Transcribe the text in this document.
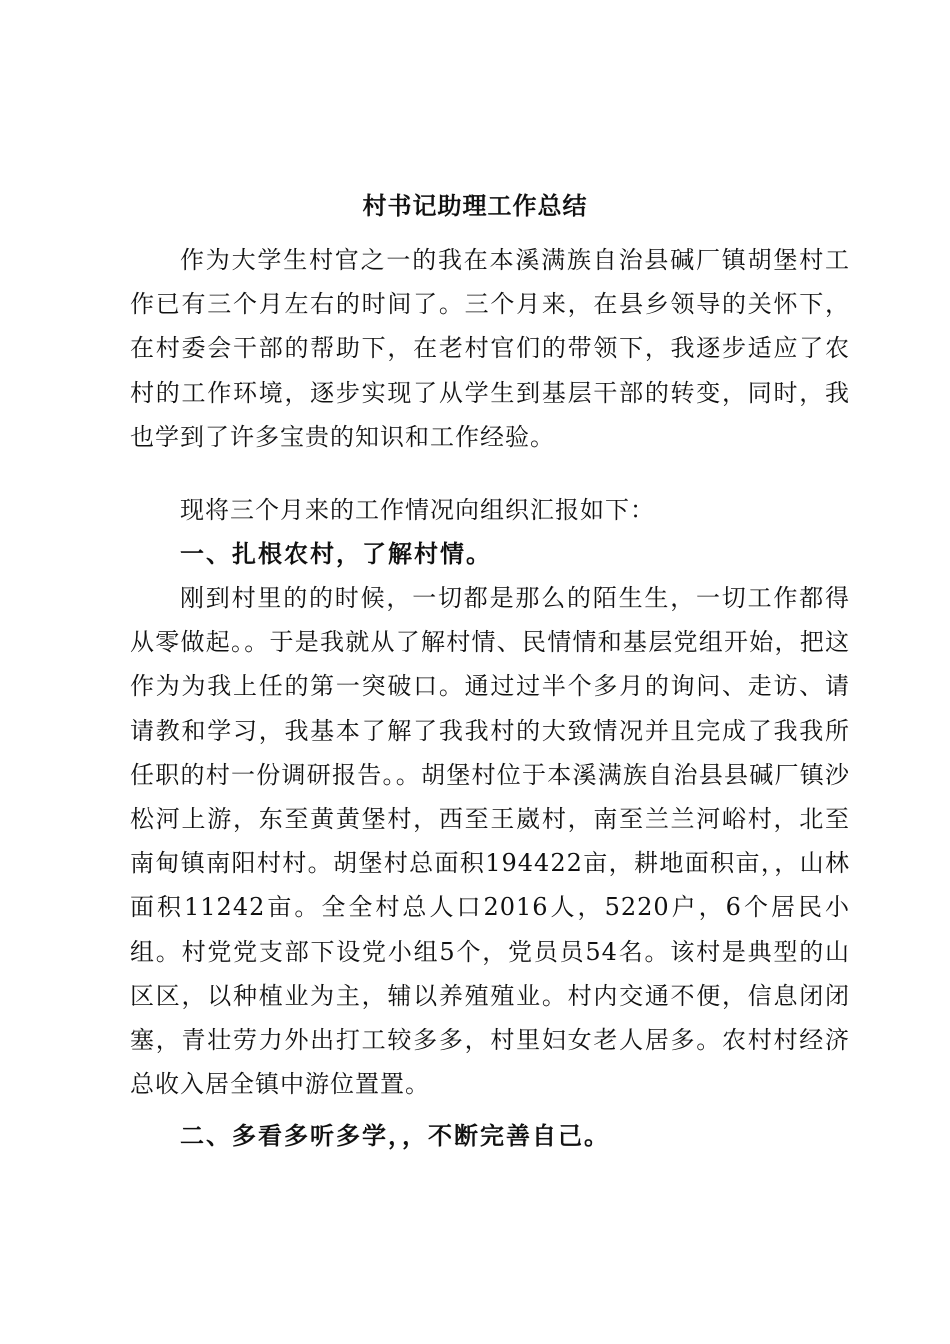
村书记助理工作总结

作为大学生村官之一的我在本溪满族自治县碱厂镇胡堡村工作已有三个月左右的时间了。三个月来，在县乡领导的关怀下，在村委会干部的帮助下，在老村官们的带领下，我逐步适应了农村的工作环境，逐步实现了从学生到基层干部的转变，同时，我也学到了许多宝贵的知识和工作经验。

现将三个月来的工作情况向组织汇报如下：

一、扎根农村，了解村情。

刚到村里的的时候，一切都是那么的陌生生，一切工作都得从零做起。。于是我就从了解村情、民情情和基层党组开始，把这作为为我上任的第一突破口。通过过半个多月的询问、走访、请请教和学习，我基本了解了我我村的大致情况并且完成了我我所任职的村一份调研报告。。胡堡村位于本溪满族自治县县碱厂镇沙松河上游，东至黄黄堡村，西至王崴村，南至兰兰河峪村，北至南甸镇南阳村村。胡堡村总面积194422亩，耕地面积亩，，山林面积11242亩。全全村总人口2016人，5220户，6个居民小组。村党党支部下设党小组5个，党员员54名。该村是典型的山区区，以种植业为主，辅以养殖殖业。村内交通不便，信息闭闭塞，青壮劳力外出打工较多多，村里妇女老人居多。农村村经济总收入居全镇中游位置置。

二、多看多听多学，，不断完善自己。
